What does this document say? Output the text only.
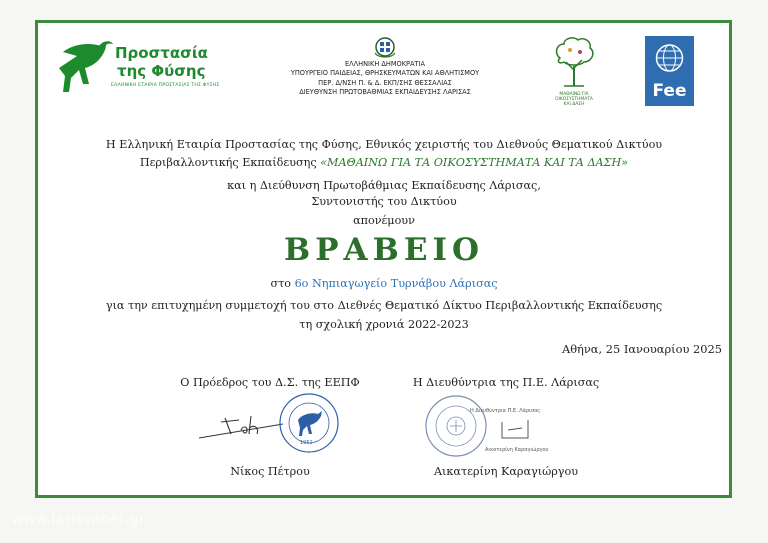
Προστασία
της Φύσης
ΕΛΛΗΝΙΚΗ ΕΤΑΙΡΙΑ ΠΡΟΣΤΑΣΙΑΣ ΤΗΣ ΦΥΣΗΣ
ΕΛΛΗΝΙΚΗ ΔΗΜΟΚΡΑΤΙΑ
ΥΠΟΥΡΓΕΙΟ ΠΑΙΔΕΙΑΣ, ΘΡΗΣΚΕΥΜΑΤΩΝ ΚΑΙ ΑΘΛΗΤΙΣΜΟΥ
ΠΕΡ. Δ/ΝΣΗ Π. & Δ. ΕΚΠ/ΣΗΣ ΘΕΣΣΑΛΙΑΣ
ΔΙΕΥΘΥΝΣΗ ΠΡΩΤΟΒΑΘΜΙΑΣ ΕΚΠΑΙΔΕΥΣΗΣ ΛΑΡΙΣΑΣ	ΜΑΘΑΙΝΩ ΓΙΑ
ΟΙΚΟΣΥΣΤΗΜΑΤΑ
ΚΑΙ ΔΑΣΗ
Fee
Η Ελληνική Εταιρία Προστασίας της Φύσης, Εθνικός χειριστής του Διεθνούς Θεματικού Δικτύου
Περιβαλλοντικής Εκπαίδευσης «ΜΑΘΑΙΝΩ ΓΙΑ ΤΑ ΟΙΚΟΣΥΣΤΗΜΑΤΑ ΚΑΙ ΤΑ ΔΑΣΗ»
και η Διεύθυνση Πρωτοβάθμιας Εκπαίδευσης Λάρισας,
Συντονιστής του Δικτύου
απονέμουν
ΒΡΑΒΕΙΟ
στο 6ο Νηπιαγωγείο Τυρνάβου Λάρισας
για την επιτυχημένη συμμετοχή του στο Διεθνές Θεματικό Δίκτυο Περιβαλλοντικής Εκπαίδευσης
τη σχολική χρονιά 2022-2023
Αθήνα, 25 Ιανουαρίου 2025
Ο Πρόεδρος του Δ.Σ. της ΕΕΠΦ	Η Διευθύντρια της Π.Ε. Λάρισας
1951
Η Διευθύντρια Π.Ε. Λάρισας
Αικατερίνη Καραγιώργου
Νίκος Πέτρου	Αικατερίνη Καραγιώργου
www.larissanet.gr
